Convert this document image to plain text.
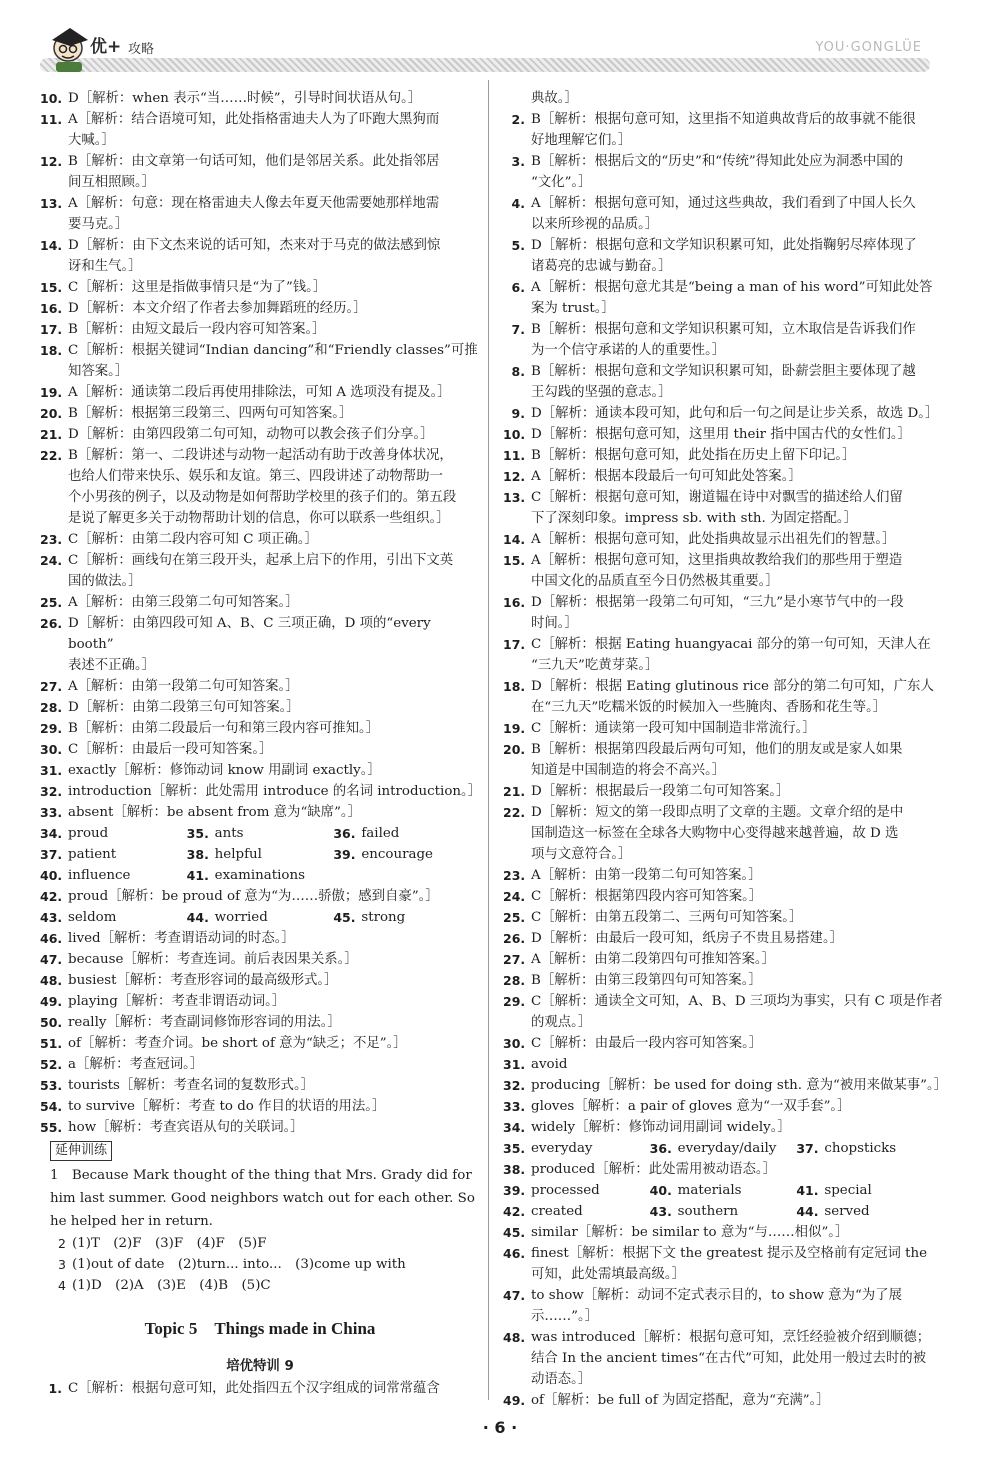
优+ 攻略	YOU·GONGLÜE
10. D［解析：when 表示“当……时候”，引导时间状语从句。］
11. A［解析：结合语境可知，此处指格雷迪夫人为了吓跑大黑狗而
大喊。］
12. B［解析：由文章第一句话可知，他们是邻居关系。此处指邻居
间互相照顾。］
13. A［解析：句意：现在格雷迪夫人像去年夏天他需要她那样地需
要马克。］
14. D［解析：由下文杰来说的话可知，杰来对于马克的做法感到惊
讶和生气。］
15. C［解析：这里是指做事情只是“为了”钱。］
16. D［解析：本文介绍了作者去参加舞蹈班的经历。］
17. B［解析：由短文最后一段内容可知答案。］
18. C［解析：根据关键词“Indian dancing”和“Friendly classes”可推
知答案。］
19. A［解析：通读第二段后再使用排除法，可知 A 选项没有提及。］
20. B［解析：根据第三段第三、四两句可知答案。］
21. D［解析：由第四段第二句可知，动物可以教会孩子们分享。］
22. B［解析：第一、二段讲述与动物一起活动有助于改善身体状况，
也给人们带来快乐、娱乐和友谊。第三、四段讲述了动物帮助一
个小男孩的例子，以及动物是如何帮助学校里的孩子们的。第五段
是说了解更多关于动物帮助计划的信息，你可以联系一些组织。］
23. C［解析：由第二段内容可知 C 项正确。］
24. C［解析：画线句在第三段开头，起承上启下的作用，引出下文英
国的做法。］
25. A［解析：由第三段第二句可知答案。］
26. D［解析：由第四段可知 A、B、C 三项正确，D 项的“every booth”
表述不正确。］
27. A［解析：由第一段第二句可知答案。］
28. D［解析：由第二段第三句可知答案。］
29. B［解析：由第二段最后一句和第三段内容可推知。］
30. C［解析：由最后一段可知答案。］
31. exactly［解析：修饰动词 know 用副词 exactly。］
32. introduction［解析：此处需用 introduce 的名词 introduction。］
33. absent［解析：be absent from 意为“缺席”。］
34. proud	35. ants	36. failed
37. patient	38. helpful	39. encourage
40. influence	41. examinations
42. proud［解析：be proud of 意为“为……骄傲；感到自豪”。］
43. seldom	44. worried	45. strong
46. lived［解析：考查谓语动词的时态。］
47. because［解析：考查连词。前后表因果关系。］
48. busiest［解析：考查形容词的最高级形式。］
49. playing［解析：考查非谓语动词。］
50. really［解析：考查副词修饰形容词的用法。］
51. of［解析：考查介词。be short of 意为“缺乏；不足”。］
52. a［解析：考查冠词。］
53. tourists［解析：考查名词的复数形式。］
54. to survive［解析：考查 to do 作目的状语的用法。］
55. how［解析：考查宾语从句的关联词。］
延伸训练
1　Because Mark thought of the thing that Mrs. Grady did for him last summer. Good neighbors watch out for each other. So he helped her in return.
2 (1)T　(2)F　(3)F　(4)F　(5)F
3 (1)out of date　(2)turn... into...　(3)come up with
4 (1)D　(2)A　(3)E　(4)B　(5)C
Topic 5　Things made in China
培优特训 9
1. C［解析：根据句意可知，此处指四五个汉字组成的词常常蕴含
典故。］
2. B［解析：根据句意可知，这里指不知道典故背后的故事就不能很
好地理解它们。］
3. B［解析：根据后文的“历史”和“传统”得知此处应为洞悉中国的
“文化”。］
4. A［解析：根据句意可知，通过这些典故，我们看到了中国人长久
以来所珍视的品质。］
5. D［解析：根据句意和文学知识积累可知，此处指鞠躬尽瘁体现了
诸葛亮的忠诚与勤奋。］
6. A［解析：根据句意尤其是“being a man of his word”可知此处答
案为 trust。］
7. B［解析：根据句意和文学知识积累可知，立木取信是告诉我们作
为一个信守承诺的人的重要性。］
8. B［解析：根据句意和文学知识积累可知，卧薪尝胆主要体现了越
王勾践的坚强的意志。］
9. D［解析：通读本段可知，此句和后一句之间是让步关系，故选 D。］
10. D［解析：根据句意可知，这里用 their 指中国古代的女性们。］
11. B［解析：根据句意可知，此处指在历史上留下印记。］
12. A［解析：根据本段最后一句可知此处答案。］
13. C［解析：根据句意可知，谢道韫在诗中对飘雪的描述给人们留
下了深刻印象。impress sb. with sth. 为固定搭配。］
14. A［解析：根据句意可知，此处指典故显示出祖先们的智慧。］
15. A［解析：根据句意可知，这里指典故教给我们的那些用于塑造
中国文化的品质直至今日仍然极其重要。］
16. D［解析：根据第一段第二句可知，“三九”是小寒节气中的一段
时间。］
17. C［解析：根据 Eating huangyacai 部分的第一句可知，天津人在
“三九天”吃黄芽菜。］
18. D［解析：根据 Eating glutinous rice 部分的第二句可知，广东人
在“三九天”吃糯米饭的时候加入一些腌肉、香肠和花生等。］
19. C［解析：通读第一段可知中国制造非常流行。］
20. B［解析：根据第四段最后两句可知，他们的朋友或是家人如果
知道是中国制造的将会不高兴。］
21. D［解析：根据最后一段第二句可知答案。］
22. D［解析：短文的第一段即点明了文章的主题。文章介绍的是中
国制造这一标签在全球各大购物中心变得越来越普遍，故 D 选
项与文意符合。］
23. A［解析：由第一段第二句可知答案。］
24. C［解析：根据第四段内容可知答案。］
25. C［解析：由第五段第二、三两句可知答案。］
26. D［解析：由最后一段可知，纸房子不贵且易搭建。］
27. A［解析：由第二段第四句可推知答案。］
28. B［解析：由第三段第四句可知答案。］
29. C［解析：通读全文可知，A、B、D 三项均为事实，只有 C 项是作者
的观点。］
30. C［解析：由最后一段内容可知答案。］
31. avoid
32. producing［解析：be used for doing sth. 意为“被用来做某事”。］
33. gloves［解析：a pair of gloves 意为“一双手套”。］
34. widely［解析：修饰动词用副词 widely。］
35. everyday	36. everyday/daily	37. chopsticks
38. produced［解析：此处需用被动语态。］
39. processed	40. materials	41. special
42. created	43. southern	44. served
45. similar［解析：be similar to 意为“与……相似”。］
46. finest［解析：根据下文 the greatest 提示及空格前有定冠词 the
可知，此处需填最高级。］
47. to show［解析：动词不定式表示目的，to show 意为“为了展
示……”。］
48. was introduced［解析：根据句意可知，烹饪经验被介绍到顺德；
结合 In the ancient times“在古代”可知，此处用一般过去时的被
动语态。］
49. of［解析：be full of 为固定搭配，意为“充满”。］
· 6 ·
